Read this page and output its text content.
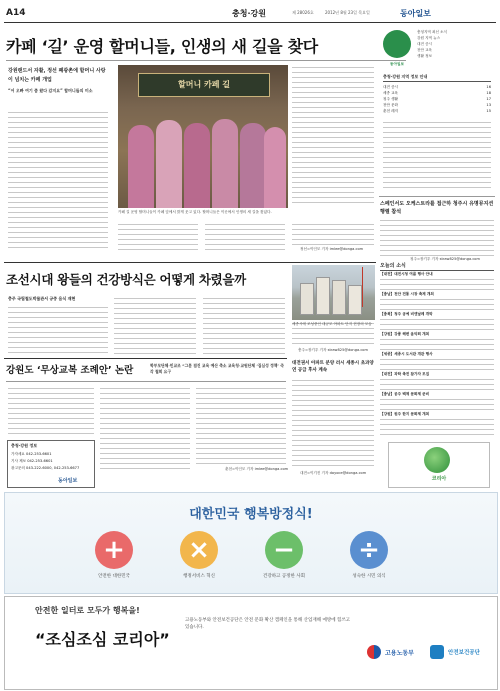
A14	충청·강원	제 28026호	2012년 8월 23일 목요일	동아일보
카페 ‘길’ 운영 할머니들, 인생의 새 길을 찾다
강원랜드서 자활, 정선 폐광촌에 할머니 사랑이 넘치는 카페 개업
“어 오빠 여기 좀 왔다 갔지요” 할머니들의 미소
할머니 카페 길
카페 길 운영 할머니들이 카페 앞에서 밝게 웃고 있다. 할머니들은 이곳에서 인생의 새 길을 찾았다.
정선=이인모 기자 imlee@donga.com
동아일보
충청지역 최신 소식
강원 지역 뉴스
대전 증시
천안 교육
생활 정보
충청·강원 지역 정보 안내
대전 증시	16
세종 교육	18
청주 생활	17
천안 문화	13
춘천 레저	15
스페인서도 오케스트라를 접근하 청주시 유명뮤지션 행렬 참석
청주=장기우 기자 straw825@donga.com
조선시대 왕들의 건강방식은 어떻게 차렸을까
충주 국립철도박물관서 궁중 음식 재현
충주=장기우 기자 straw825@donga.com
강원도 ‘무상교복 조례안’ 논란	학부모단체·민교조 “그분 점진 교육 예산 축소 교육청·교원단체 ‘집심성 정책’ 즉각 철회 요구
춘천=이인모 기자 imlee@donga.com
충청·강원 정보
가자세요 042-253-6601
기사 제보 042-253-6601
광고문의 043-222-6000, 042-253-6677
동아일보
세종시에 조성중인 대규모 아파트 단지 현장의 모습
대전권서 아파트 분양 러시 세종시 초과양연 공급 후사 계속
대전=이기진 기자 doyoce@donga.com
오늘의 소식
【대전】대전시청 여름 행사 안내
【충남】천안 전통 시장 축제 개최
【충북】청주 공예 비엔날레 개막
【강원】강릉 해변 음악회 개최
【세종】세종시 도서관 개관 행사
【대전】과학 축전 참가자 모집
【충남】공주 백제 문화제 준비
【강원】원주 한지 문화제 개최
코리아
대한민국 행복방정식!
+	×	−	÷
안전한 대한민국	행정서비스 혁신	건강하고 공정한 사회	성숙한 시민 의식
안전한 일터로 모두가 행복을!
“조심조심 코리아”
고용노동부와 안전보건공단은 안전 문화 확산 캠페인을 통해 산업재해 예방에 힘쓰고 있습니다.
고용노동부	안전보건공단
